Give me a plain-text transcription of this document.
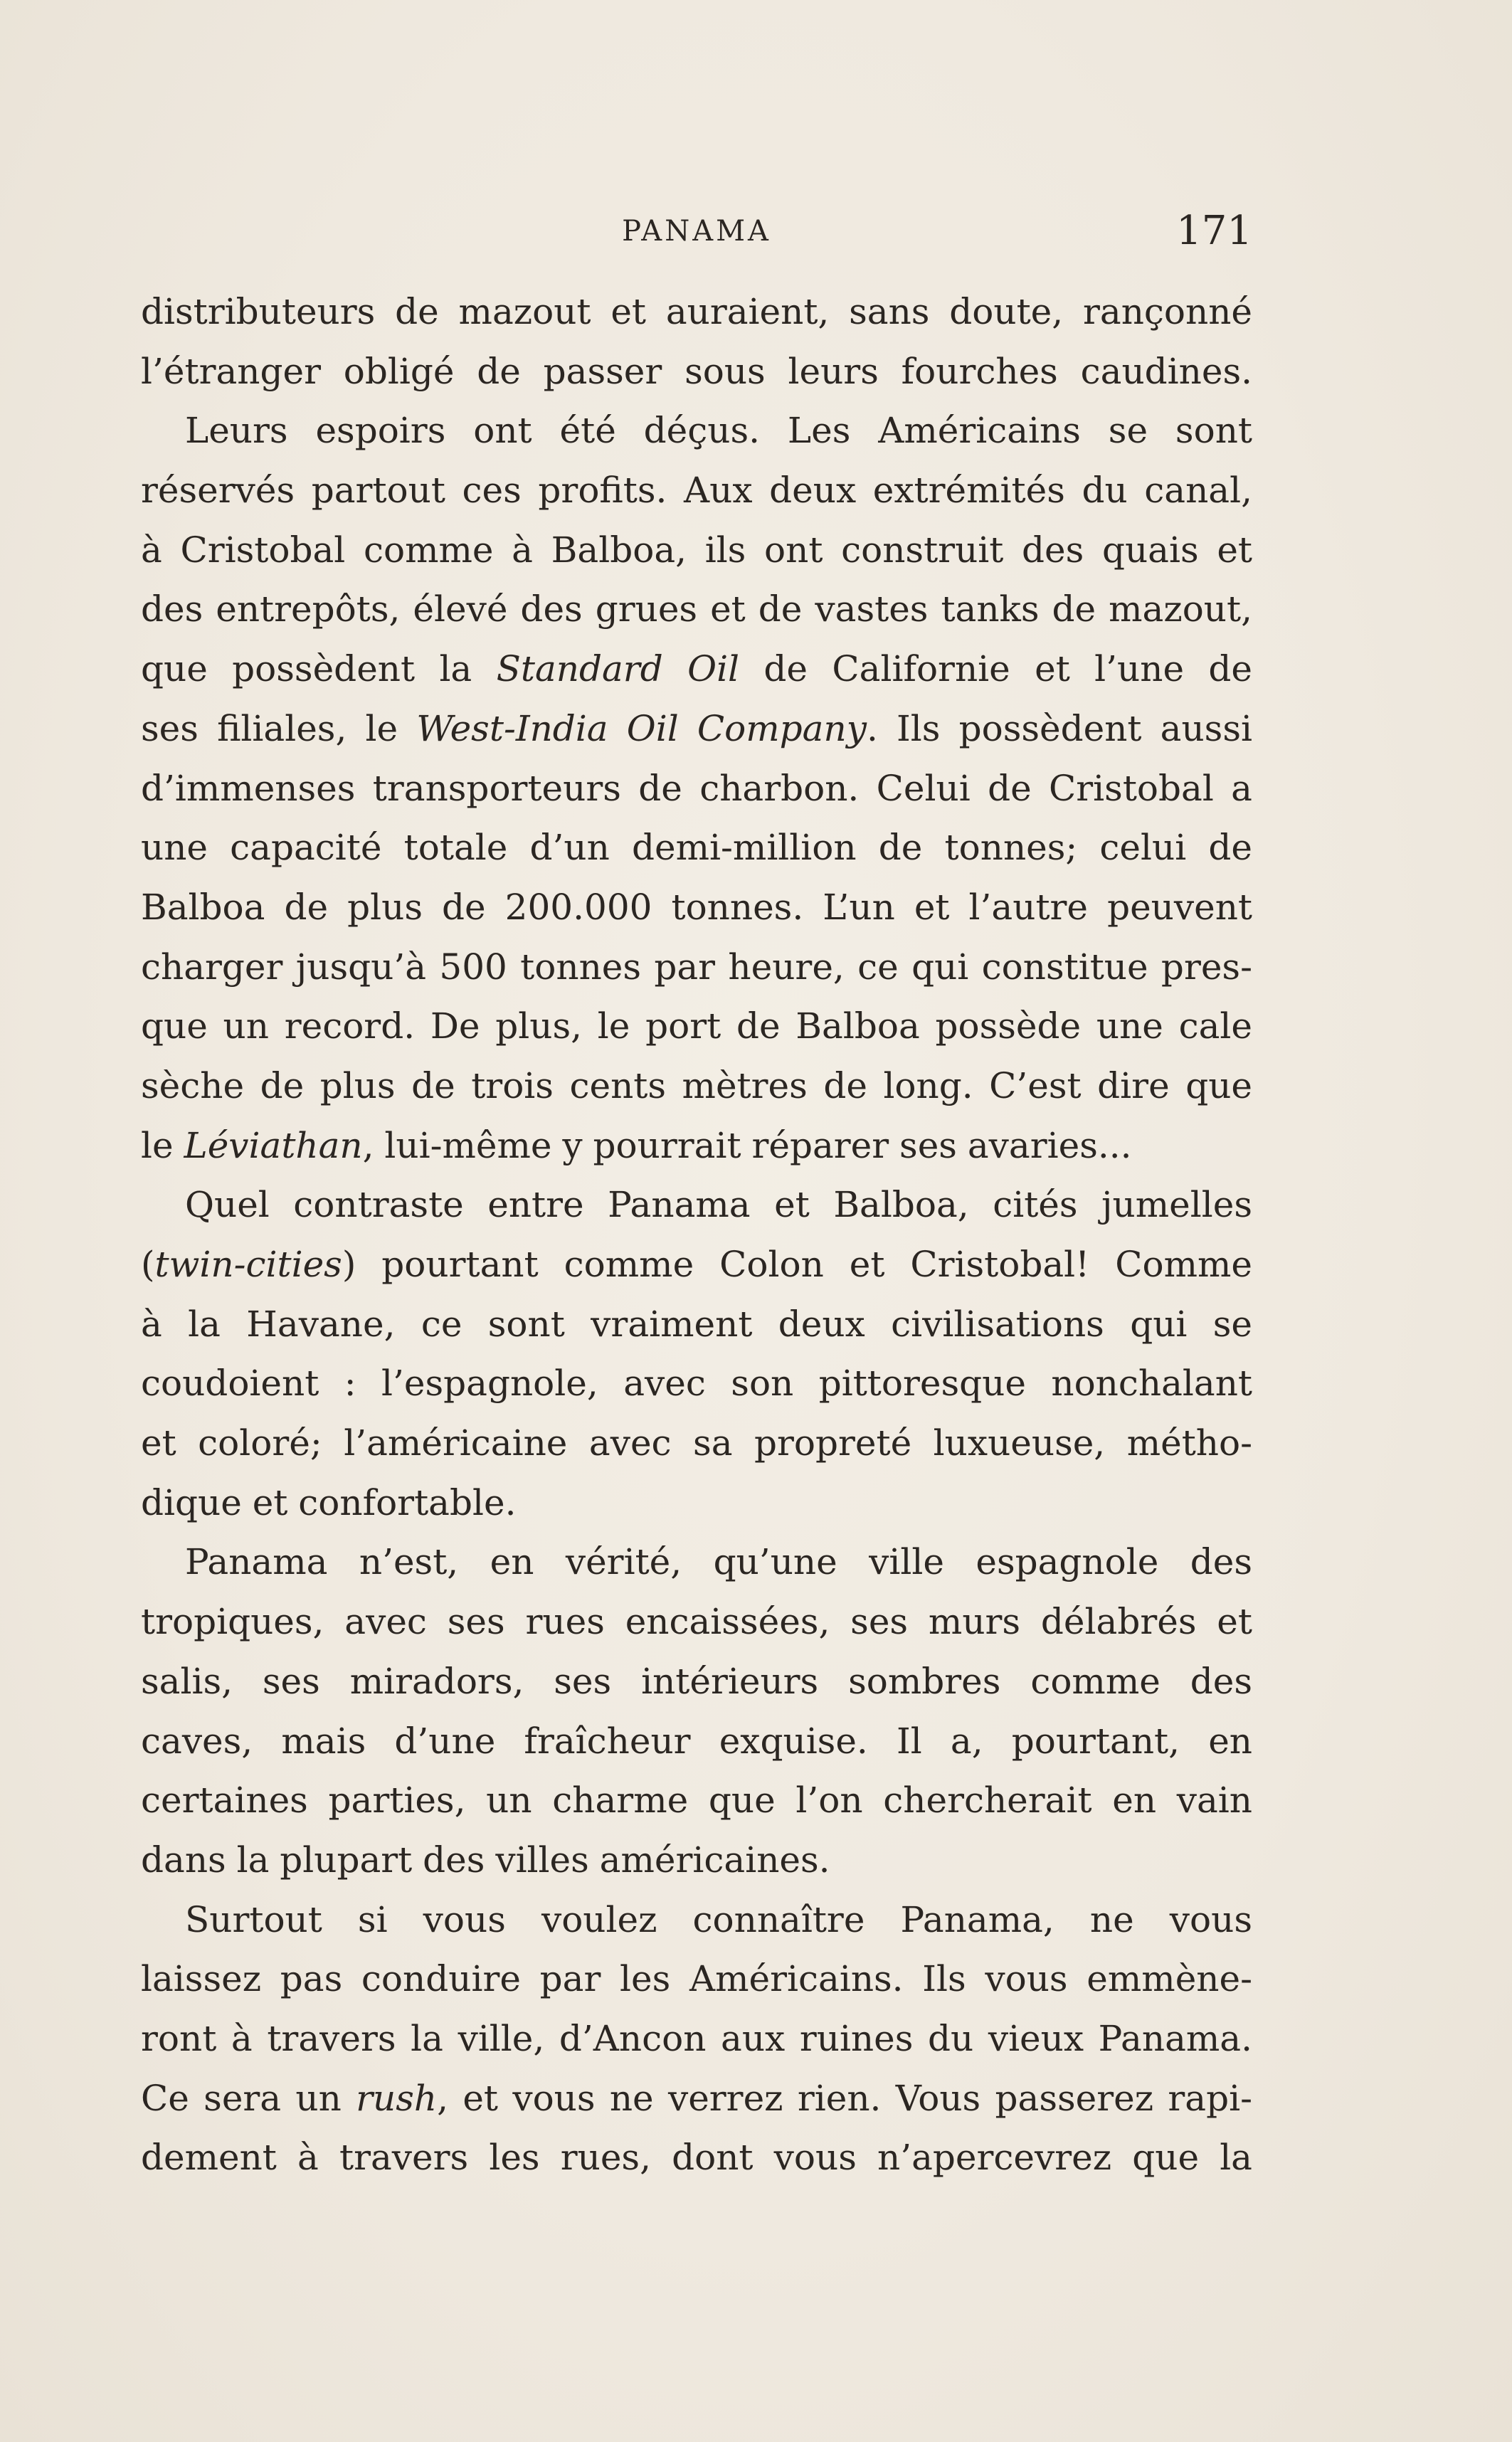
PANAMA	171
distributeurs de mazout et auraient, sans doute, rançonné
l’étranger obligé de passer sous leurs fourches caudines.
Leurs espoirs ont été déçus. Les Américains se sont
réservés partout ces profits. Aux deux extrémités du canal,
à Cristobal comme à Balboa, ils ont construit des quais et
des entrepôts, élevé des grues et de vastes tanks de mazout,
que possèdent la Standard Oil de Californie et l’une de
ses filiales, le West-India Oil Company. Ils possèdent aussi
d’immenses transporteurs de charbon. Celui de Cristobal a
une capacité totale d’un demi-million de tonnes; celui de
Balboa de plus de 200.000 tonnes. L’un et l’autre peuvent
charger jusqu’à 500 tonnes par heure, ce qui constitue pres-
que un record. De plus, le port de Balboa possède une cale
sèche de plus de trois cents mètres de long. C’est dire que
le Léviathan, lui-même y pourrait réparer ses avaries...
Quel contraste entre Panama et Balboa, cités jumelles
(twin-cities) pourtant comme Colon et Cristobal! Comme
à la Havane, ce sont vraiment deux civilisations qui se
coudoient : l’espagnole, avec son pittoresque nonchalant
et coloré; l’américaine avec sa propreté luxueuse, métho-
dique et confortable.
Panama n’est, en vérité, qu’une ville espagnole des
tropiques, avec ses rues encaissées, ses murs délabrés et
salis, ses miradors, ses intérieurs sombres comme des
caves, mais d’une fraîcheur exquise. Il a, pourtant, en
certaines parties, un charme que l’on chercherait en vain
dans la plupart des villes américaines.
Surtout si vous voulez connaître Panama, ne vous
laissez pas conduire par les Américains. Ils vous emmène-
ront à travers la ville, d’Ancon aux ruines du vieux Panama.
Ce sera un rush, et vous ne verrez rien. Vous passerez rapi-
dement à travers les rues, dont vous n’apercevrez que la
